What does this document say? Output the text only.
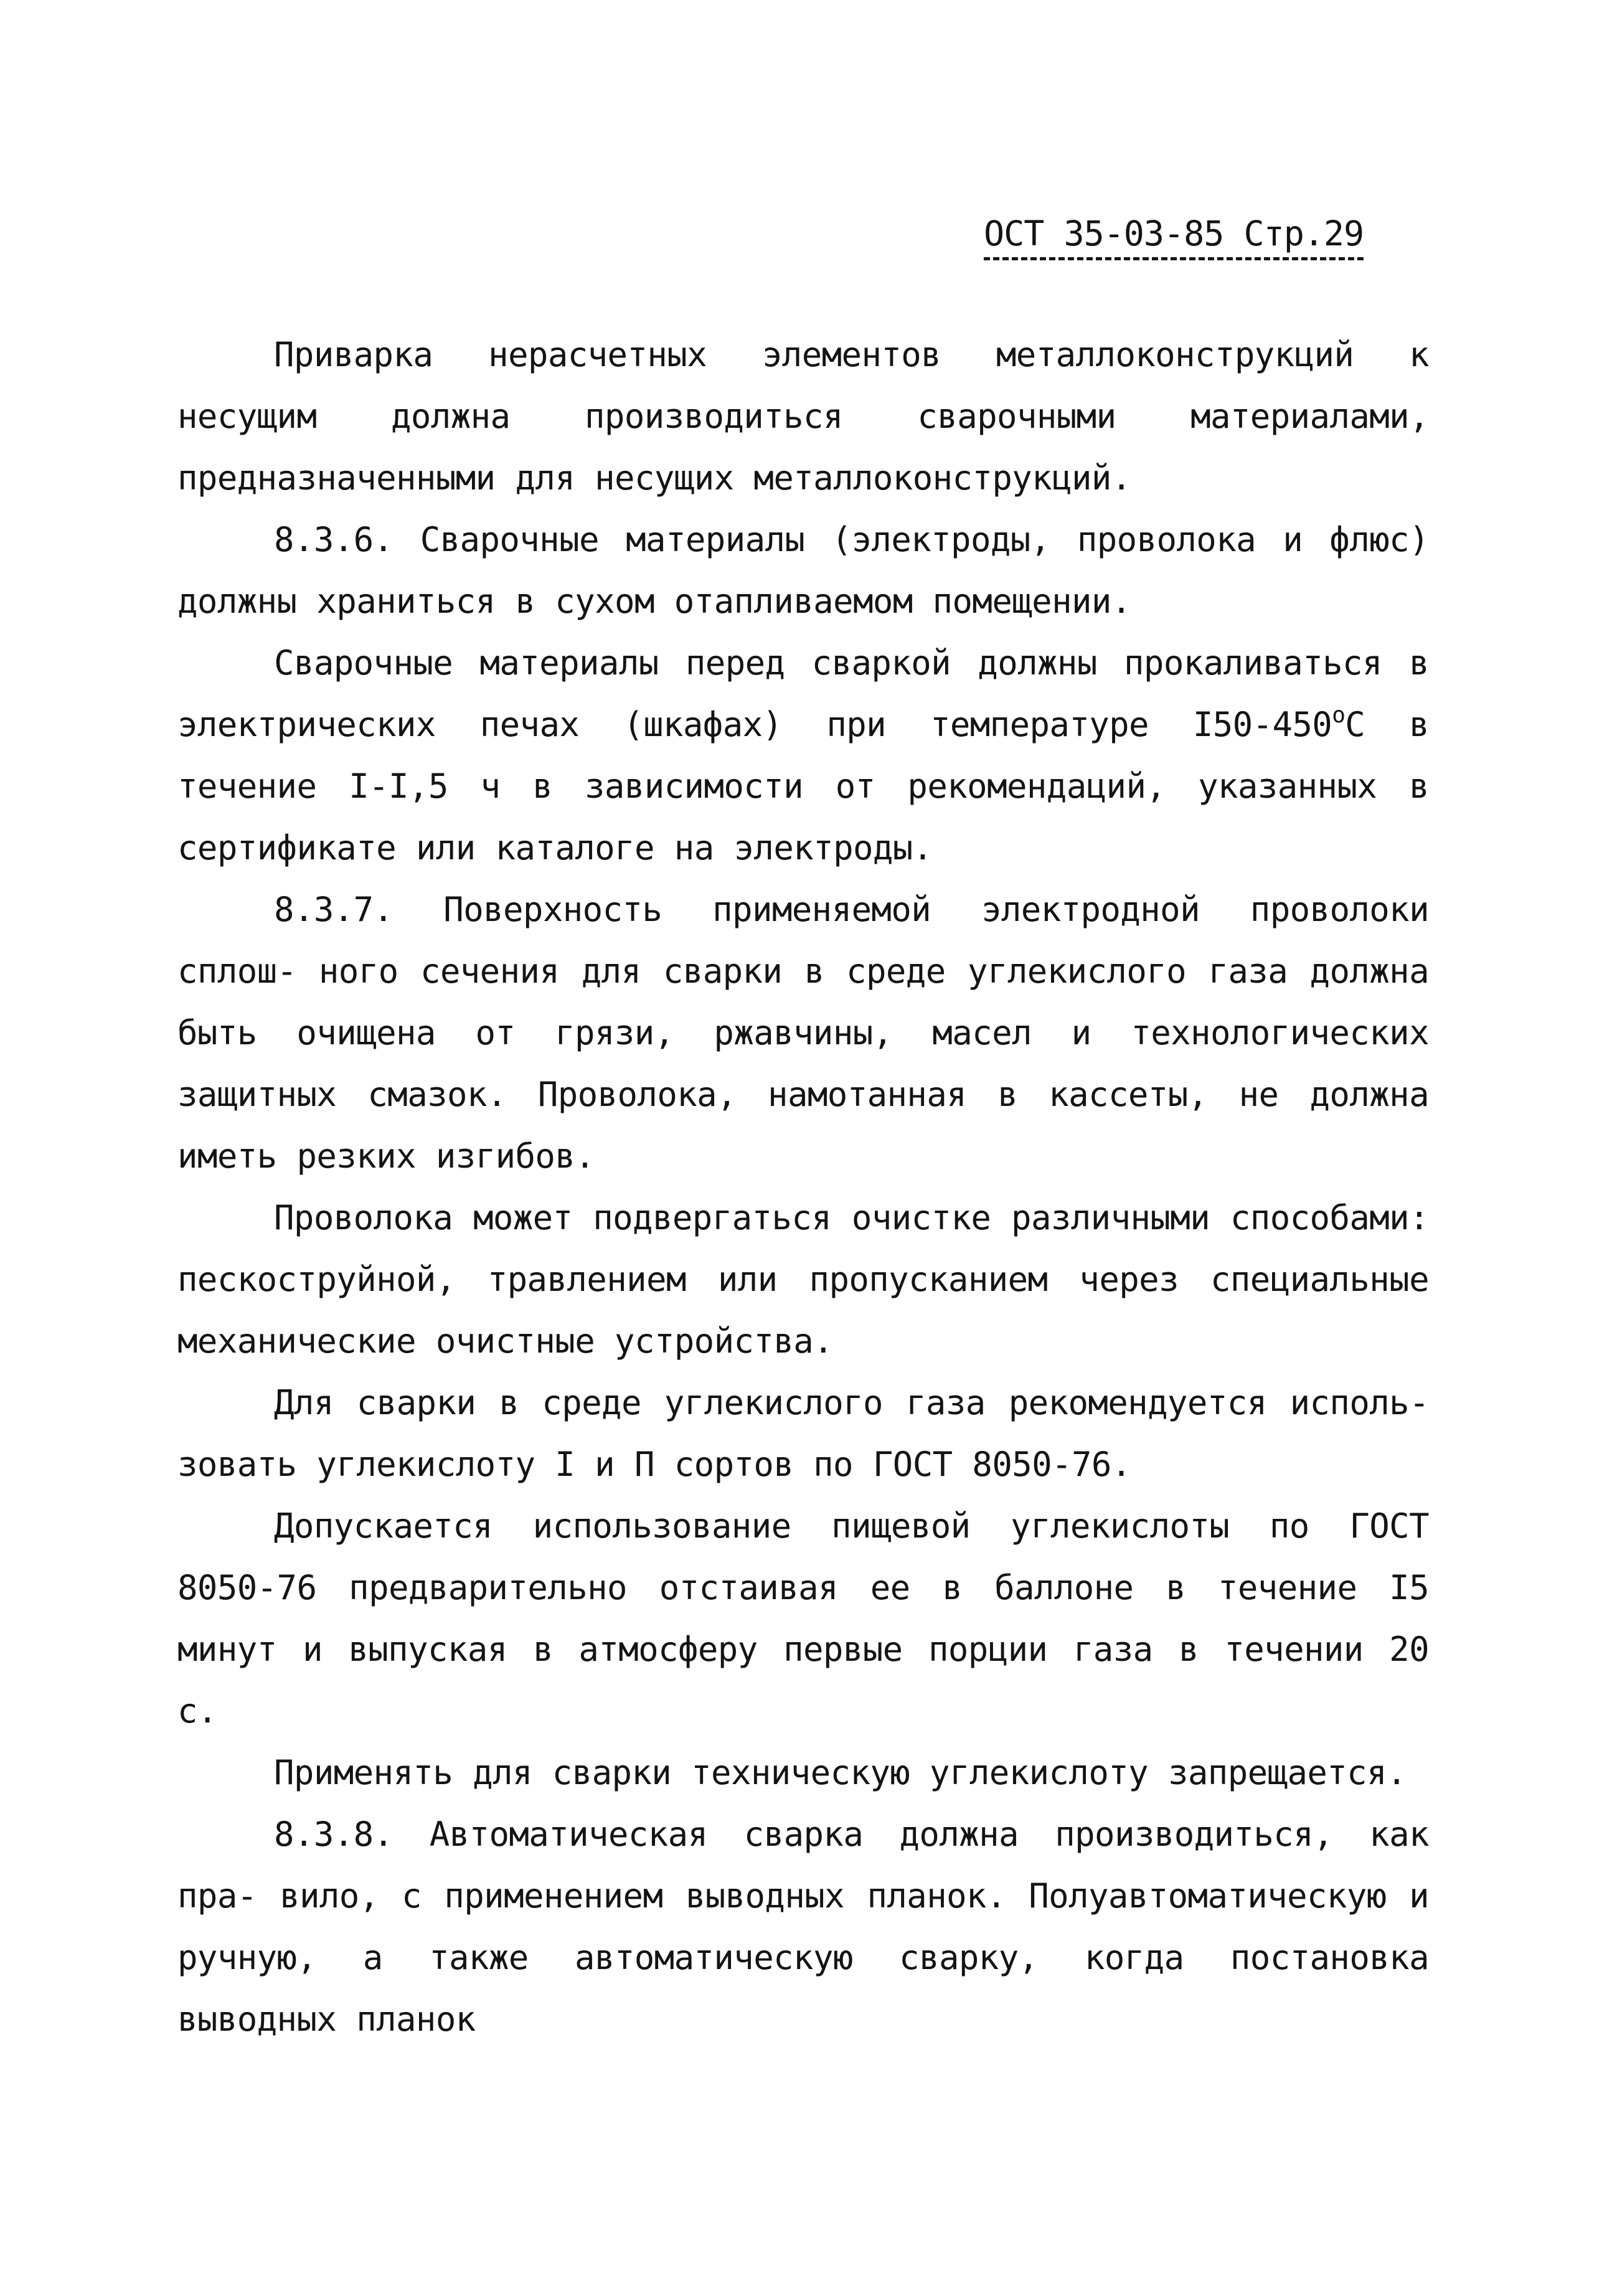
ОСТ 35-03-85 Стр.29

Приварка нерасчетных элементов металлоконструкций к несущим должна производиться сварочными материалами, предназначенными для несущих металлоконструкций.

8.3.6. Сварочные материалы (электроды, проволока и флюс) должны храниться в сухом отапливаемом помещении.

Сварочные материалы перед сваркой должны прокаливаться в электрических печах (шкафах) при температуре I50-450$^o$С в течение I-I,5 ч в зависимости от рекомендаций, указанных в сертификате или каталоге на электроды.

8.3.7. Поверхность применяемой электродной проволоки сплош- ного сечения для сварки в среде углекислого газа должна быть очищена от грязи, ржавчины, масел и технологических защитных смазок. Проволока, намотанная в кассеты, не должна иметь резких изгибов.

Проволока может подвергаться очистке различными способами: пескоструйной, травлением или пропусканием через специальные механические очистные устройства.

Для сварки в среде углекислого газа рекомендуется исполь- зовать углекислоту I и П сортов по ГОСТ 8050-76.

Допускается использование пищевой углекислоты по ГОСТ 8050-76 предварительно отстаивая ее в баллоне в течение I5 минут и выпуская в атмосферу первые порции газа в течении 20 с.

Применять для сварки техническую углекислоту запрещается.

8.3.8. Автоматическая сварка должна производиться, как пра- вило, с применением выводных планок. Полуавтоматическую и ручную, а также автоматическую сварку, когда постановка выводных планок
